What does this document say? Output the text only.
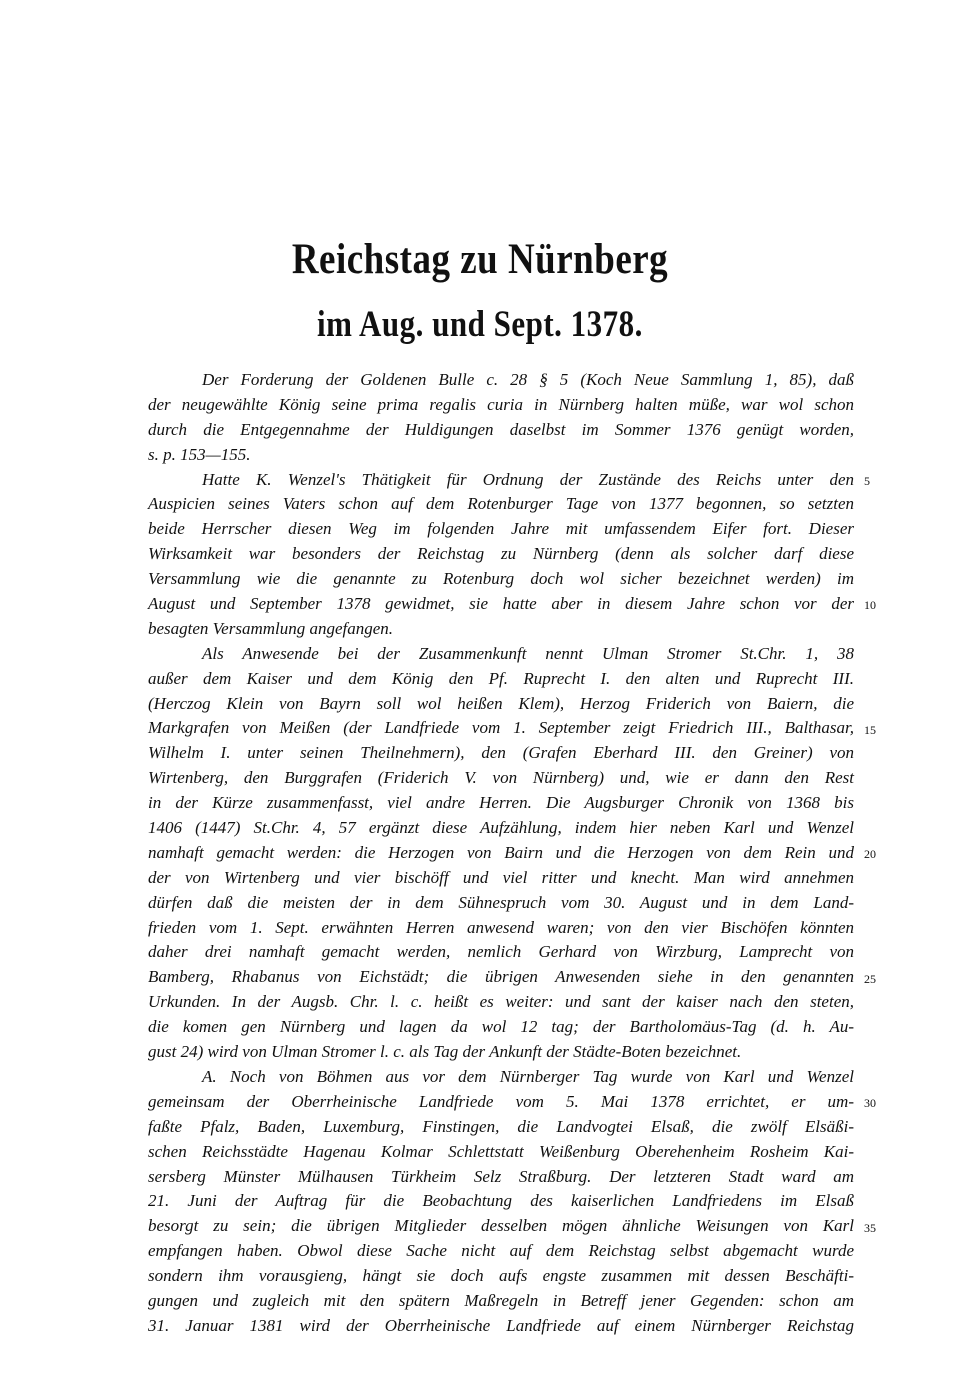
Reichstag zu Nürnberg
im Aug. und Sept. 1378.
Der Forderung der Goldenen Bulle c. 28 § 5 (Koch Neue Sammlung 1, 85), daß
der neugewählte König seine prima regalis curia in Nürnberg halten müße, war wol schon
durch die Entgegennahme der Huldigungen daselbst im Sommer 1376 genügt worden,
s. p. 153—155.
Hatte K. Wenzel's Thätigkeit für Ordnung der Zustände des Reichs unter den
Auspicien seines Vaters schon auf dem Rotenburger Tage von 1377 begonnen, so setzten
beide Herrscher diesen Weg im folgenden Jahre mit umfassendem Eifer fort. Dieser
Wirksamkeit war besonders der Reichstag zu Nürnberg (denn als solcher darf diese
Versammlung wie die genannte zu Rotenburg doch wol sicher bezeichnet werden) im
August und September 1378 gewidmet, sie hatte aber in diesem Jahre schon vor der
besagten Versammlung angefangen.
Als Anwesende bei der Zusammenkunft nennt Ulman Stromer St.Chr. 1, 38
außer dem Kaiser und dem König den Pf. Ruprecht I. den alten und Ruprecht III.
(Herczog Klein von Bayrn soll wol heißen Klem), Herzog Friderich von Baiern, die
Markgrafen von Meißen (der Landfriede vom 1. September zeigt Friedrich III., Balthasar,
Wilhelm I. unter seinen Theilnehmern), den (Grafen Eberhard III. den Greiner) von
Wirtenberg, den Burggrafen (Friderich V. von Nürnberg) und, wie er dann den Rest
in der Kürze zusammenfasst, viel andre Herren. Die Augsburger Chronik von 1368 bis
1406 (1447) St.Chr. 4, 57 ergänzt diese Aufzählung, indem hier neben Karl und Wenzel
namhaft gemacht werden: die Herzogen von Bairn und die Herzogen von dem Rein und
der von Wirtenberg und vier bischöff und viel ritter und knecht. Man wird annehmen
dürfen daß die meisten der in dem Sühnespruch vom 30. August und in dem Land-
frieden vom 1. Sept. erwähnten Herren anwesend waren; von den vier Bischöfen könnten
daher drei namhaft gemacht werden, nemlich Gerhard von Wirzburg, Lamprecht von
Bamberg, Rhabanus von Eichstädt; die übrigen Anwesenden siehe in den genannten
Urkunden. In der Augsb. Chr. l. c. heißt es weiter: und sant der kaiser nach den steten,
die komen gen Nürnberg und lagen da wol 12 tag; der Bartholomäus-Tag (d. h. Au-
gust 24) wird von Ulman Stromer l. c. als Tag der Ankunft der Städte-Boten bezeichnet.
A. Noch von Böhmen aus vor dem Nürnberger Tag wurde von Karl und Wenzel
gemeinsam der Oberrheinische Landfriede vom 5. Mai 1378 errichtet, er um-
faßte Pfalz, Baden, Luxemburg, Finstingen, die Landvogtei Elsaß, die zwölf Elsäßi-
schen Reichsstädte Hagenau Kolmar Schlettstatt Weißenburg Oberehenheim Rosheim Kai-
sersberg Münster Mülhausen Türkheim Selz Straßburg. Der letzteren Stadt ward am
21. Juni der Auftrag für die Beobachtung des kaiserlichen Landfriedens im Elsaß
besorgt zu sein; die übrigen Mitglieder desselben mögen ähnliche Weisungen von Karl
empfangen haben. Obwol diese Sache nicht auf dem Reichstag selbst abgemacht wurde
sondern ihm vorausgieng, hängt sie doch aufs engste zusammen mit dessen Beschäfti-
gungen und zugleich mit den spätern Maßregeln in Betreff jener Gegenden: schon am
31. Januar 1381 wird der Oberrheinische Landfriede auf einem Nürnberger Reichstag
5
10
15
20
25
30
35
